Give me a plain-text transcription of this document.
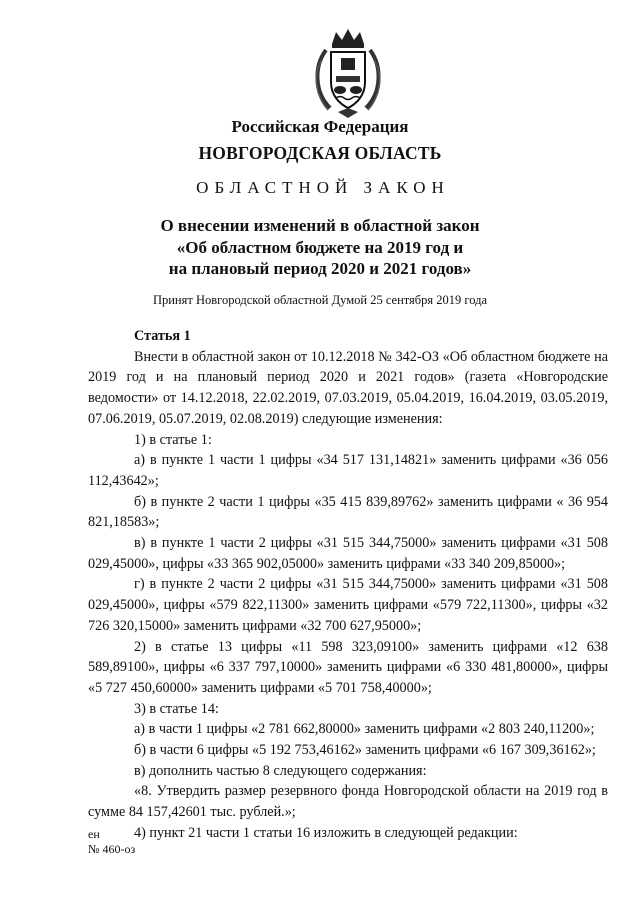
Российская Федерация

НОВГОРОДСКАЯ ОБЛАСТЬ

ОБЛАСТНОЙ ЗАКОН

О внесении изменений в областной закон
«Об областном бюджете на 2019 год и
на плановый период 2020 и 2021 годов»

Принят Новгородской областной Думой 25 сентября 2019 года

Статья 1

Внести в областной закон от 10.12.2018 № 342-ОЗ «Об областном бюджете на 2019 год и на плановый период 2020 и 2021 годов» (газета «Новгородские ведомости» от 14.12.2018, 22.02.2019, 07.03.2019, 05.04.2019, 16.04.2019, 03.05.2019, 07.06.2019, 05.07.2019, 02.08.2019) следующие изменения:

1) в статье 1:

а) в пункте 1 части 1 цифры «34 517 131,14821» заменить цифрами «36 056 112,43642»;

б) в пункте 2 части 1 цифры «35 415 839,89762» заменить цифрами « 36 954 821,18583»;

в) в пункте 1 части 2 цифры «31 515 344,75000» заменить цифрами «31 508 029,45000», цифры «33 365 902,05000» заменить цифрами «33 340 209,85000»;

г) в пункте 2 части 2 цифры «31 515 344,75000» заменить цифрами «31 508 029,45000», цифры «579 822,11300» заменить цифрами «579 722,11300», цифры «32 726 320,15000» заменить цифрами «32 700 627,95000»;

2) в статье 13 цифры «11 598 323,09100» заменить цифрами «12 638 589,89100», цифры «6 337 797,10000» заменить цифрами «6 330 481,80000», цифры «5 727 450,60000» заменить цифрами «5 701 758,40000»;

3) в статье 14:

а) в части 1 цифры «2 781 662,80000» заменить цифрами «2 803 240,11200»;

б) в части 6 цифры «5 192 753,46162» заменить цифрами «6 167 309,36162»;

в) дополнить частью 8 следующего содержания:

«8. Утвердить размер резервного фонда Новгородской области на 2019 год в сумме 84 157,42601 тыс. рублей.»;

4) пункт 21 части 1 статьи 16 изложить в следующей редакции:

ен
№ 460-оз
